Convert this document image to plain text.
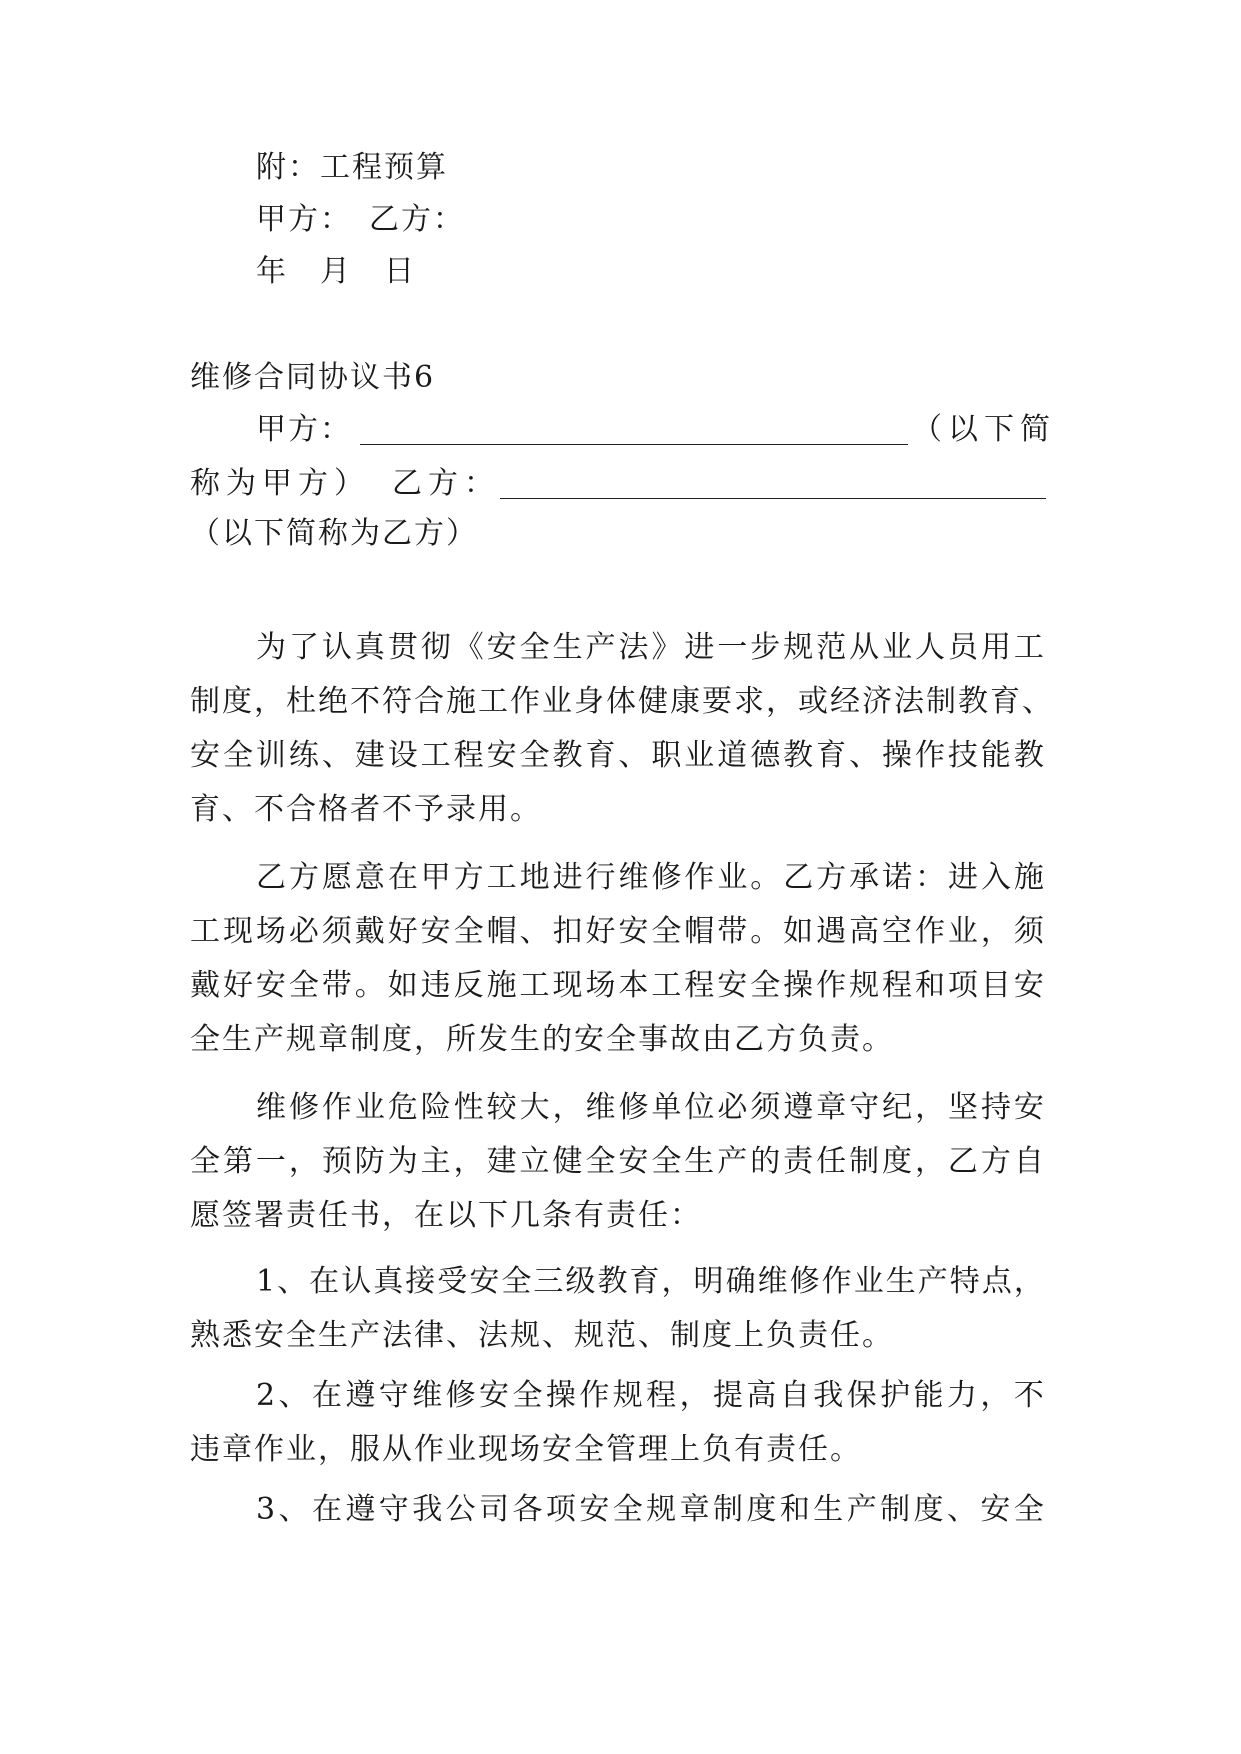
附：工程预算
甲方：　乙方：
年　月　日
维修合同协议书6
甲方：	（以下简
称为甲方） 乙方：
（以下简称为乙方）
为 了 认 真 贯 彻 《 安 全 生 产 法 》 进 一 步 规 范 从 业 人 员 用 工
制 度 ， 杜 绝 不 符 合 施 工 作 业 身 体 健 康 要 求 ， 或 经 济 法 制 教 育 、
安 全 训 练 、 建 设 工 程 安 全 教 育 、 职 业 道 德 教 育 、 操 作 技 能 教
育、不合格者不予录用。
乙 方 愿 意 在 甲 方 工 地 进 行 维 修 作 业 。 乙 方 承 诺 ： 进 入 施
工 现 场 必 须 戴 好 安 全 帽 、 扣 好 安 全 帽 带 。 如 遇 高 空 作 业 ， 须
戴 好 安 全 带 。 如 违 反 施 工 现 场 本 工 程 安 全 操 作 规 程 和 项 目 安
全生产规章制度，所发生的安全事故由乙方负责。
维 修 作 业 危 险 性 较 大 ， 维 修 单 位 必 须 遵 章 守 纪 ， 坚 持 安
全 第 一 ， 预 防 为 主 ， 建 立 健 全 安 全 生 产 的 责 任 制 度 ， 乙 方 自
愿签署责任书，在以下几条有责任：
1 、 在 认 真 接 受 安 全 三 级 教 育 ， 明 确 维 修 作 业 生 产 特 点 ，
熟悉安全生产法律、法规、规范、制度上负责任。
2 、 在 遵 守 维 修 安 全 操 作 规 程 ， 提 高 自 我 保 护 能 力 ， 不
违章作业，服从作业现场安全管理上负有责任。
3 、 在 遵 守 我 公 司 各 项 安 全 规 章 制 度 和 生 产 制 度 、 安 全
